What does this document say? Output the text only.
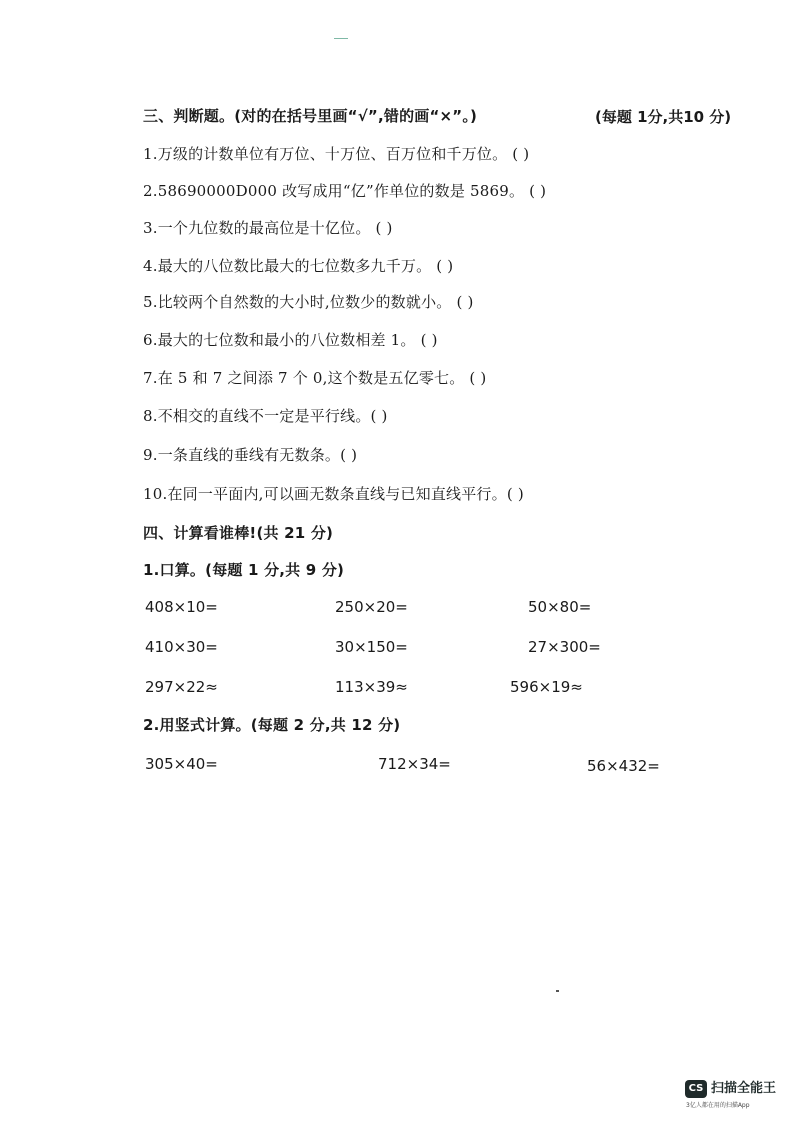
三、判断题。(对的在括号里画“√”,错的画“×”。)	(每题 1分,共10 分)
1.万级的计数单位有万位、十万位、百万位和千万位。 ( )
2.58690000D000 改写成用“亿”作单位的数是 5869。 ( )
3.一个九位数的最高位是十亿位。 ( )
4.最大的八位数比最大的七位数多九千万。 ( )
5.比较两个自然数的大小时,位数少的数就小。 ( )
6.最大的七位数和最小的八位数相差 1。 ( )
7.在 5 和 7 之间添 7 个 0,这个数是五亿零七。 ( )
8.不相交的直线不一定是平行线。( )
9.一条直线的垂线有无数条。( )
10.在同一平面内,可以画无数条直线与已知直线平行。( )
四、计算看谁棒!(共 21 分)
1.口算。(每题 1 分,共 9 分)
408×10=	250×20=	50×80=
410×30=	30×150=	27×300=
297×22≈	113×39≈	596×19≈
2.用竖式计算。(每题 2 分,共 12 分)
305×40=	712×34=	56×432=
CS 扫描全能王
3亿人都在用的扫描App
